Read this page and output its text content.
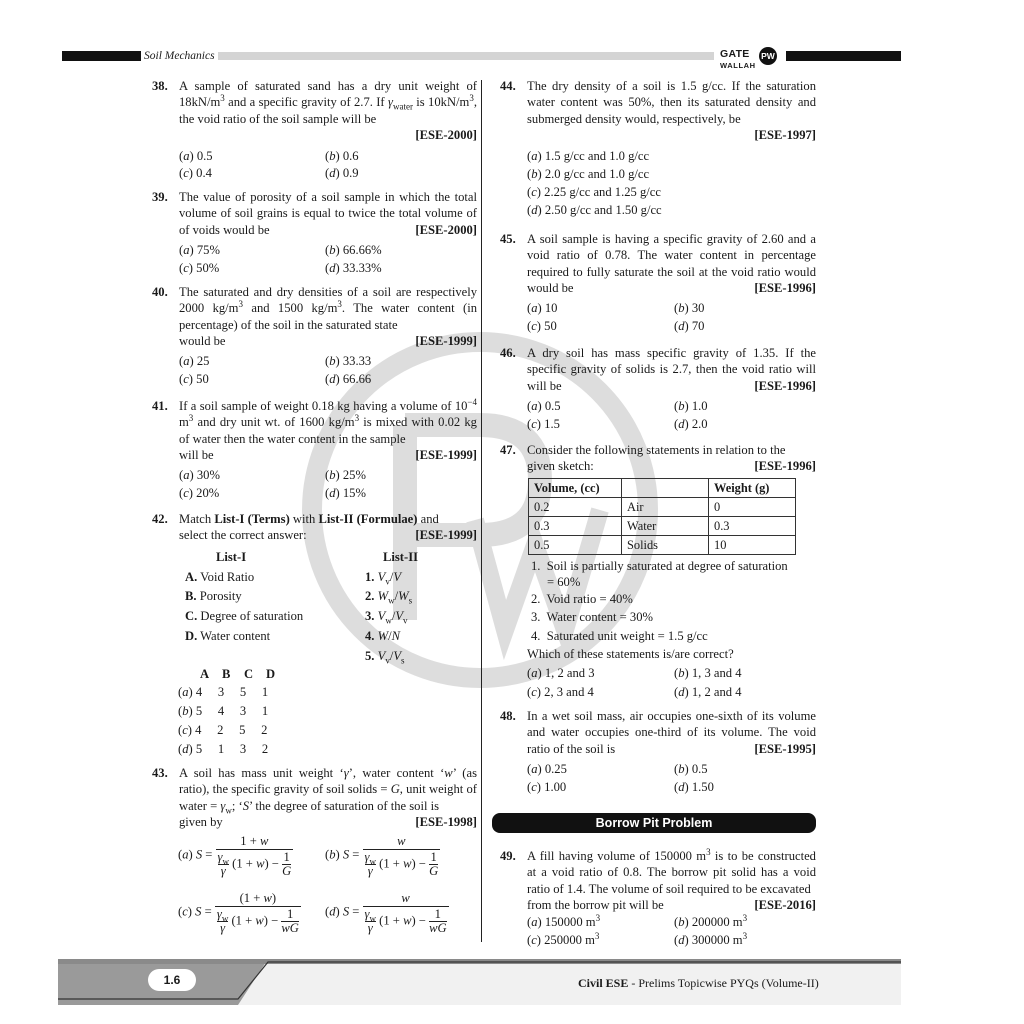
Soil Mechanics	GATE
WALLAH
PW
38. A sample of saturated sand has a dry unit weight of $18kN/m^3$ and a specific gravity of 2.7. If $\gamma_{water}$ is $10kN/m^3$, the void ratio of the soil sample will be
[ESE-2000]
(a) 0.5	(b) 0.6
(c) 0.4	(d) 0.9
39. The value of porosity of a soil sample in which the total volume of soil grains is equal to twice the total volume of
of voids would be	[ESE-2000]
(a) 75%	(b) 66.66%
(c) 50%	(d) 33.33%
40. The saturated and dry densities of a soil are respectively 2000 $kg/m^3$ and 1500 $kg/m^3$. The water content (in percentage) of the soil in the saturated state
would be	[ESE-1999]
(a) 25	(b) 33.33
(c) 50	(d) 66.66
41. If a soil sample of weight 0.18 kg having a volume of $10^{-4}$ $m^3$ and dry unit wt. of 1600 $kg/m^3$ is mixed with 0.02 kg of water then the water content in the sample
will be	[ESE-1999]
(a) 30%	(b) 25%
(c) 20%	(d) 15%
42. Match List-I (Terms) with List-II (Formulae) and
select the correct answer:	[ESE-1999]
List-I	List-II
A. Void Ratio
B. Porosity
C. Degree of saturation
D. Water content
1. $V_v/V$
2. $W_w/W_s$
3. $V_w/V_v$
4. W/N
5. $V_v/V_s$
A B C D
(a) 4 3 5 1
(b) 5 4 3 1
(c) 4 2 5 2
(d) 5 1 3 2
43. A soil has mass unit weight ‘γ’, water content ‘w’ (as ratio), the specific gravity of soil solids = G, unit weight of water = $\gamma_w$; ‘S’ the degree of saturation of the soil is
given by	[ESE-1998]
(a) $S = \frac{1 + w}{\frac{\gamma_w}{\gamma} (1 + w) - \frac{1}{G}}$	(b) $S = \frac{w}{\frac{\gamma_w}{\gamma} (1 + w) - \frac{1}{G}}$
(c) $S = \frac{(1 + w)}{\frac{\gamma_w}{\gamma} (1 + w) - \frac{1}{wG}} (d) S = \frac{w}{\frac{\gamma_w}{\gamma} (1 + w) - \frac{1}{wG}}$
44. The dry density of a soil is 1.5 g/cc. If the saturation water content was 50%, then its saturated density and submerged density would, respectively, be
[ESE-1997]
(a) 1.5 g/cc and 1.0 g/cc
(b) 2.0 g/cc and 1.0 g/cc
(c) 2.25 g/cc and 1.25 g/cc
(d) 2.50 g/cc and 1.50 g/cc
45. A soil sample is having a specific gravity of 2.60 and a void ratio of 0.78. The water content in percentage required to fully saturate the soil at the void ratio would
would be	[ESE-1996]
(a) 10	(b) 30
(c) 50	(d) 70
46. A dry soil has mass specific gravity of 1.35. If the specific gravity of solids is 2.7, then the void ratio will
will be	[ESE-1996]
(a) 0.5	(b) 1.0
(c) 1.5	(d) 2.0
47. Consider the following statements in relation to the
given sketch:	[ESE-1996]
Volume, (cc)		Weight (g)
0.2	Air	0
0.3	Water	0.3
0.5	Solids	10
1.  Soil is partially saturated at degree of saturation
= 60%
2. Void ratio = 40%
3. Water content = 30%
4. Saturated unit weight = 1.5 g/cc
Which of these statements is/are correct?
(a) 1, 2 and 3	(b) 1, 3 and 4
(c) 2, 3 and 4	(d) 1, 2 and 4
48. In a wet soil mass, air occupies one-sixth of its volume and water occupies one-third of its volume. The void
ratio of the soil is	[ESE-1995]
(a) 0.25	(b) 0.5
(c) 1.00	(d) 1.50
Borrow Pit Problem
49. A fill having volume of 150000 $m^3$ is to be constructed at a void ratio of 0.8. The borrow pit solid has a void ratio of 1.4. The volume of soil required to be excavated
from the borrow pit will be	[ESE-2016]
(a) 150000 $m^3$	(b) 200000 $m^3$
(c) 250000 $m^3$	(d) 300000 $m^3$
1.6	Civil ESE - Prelims Topicwise PYQs (Volume-II)
